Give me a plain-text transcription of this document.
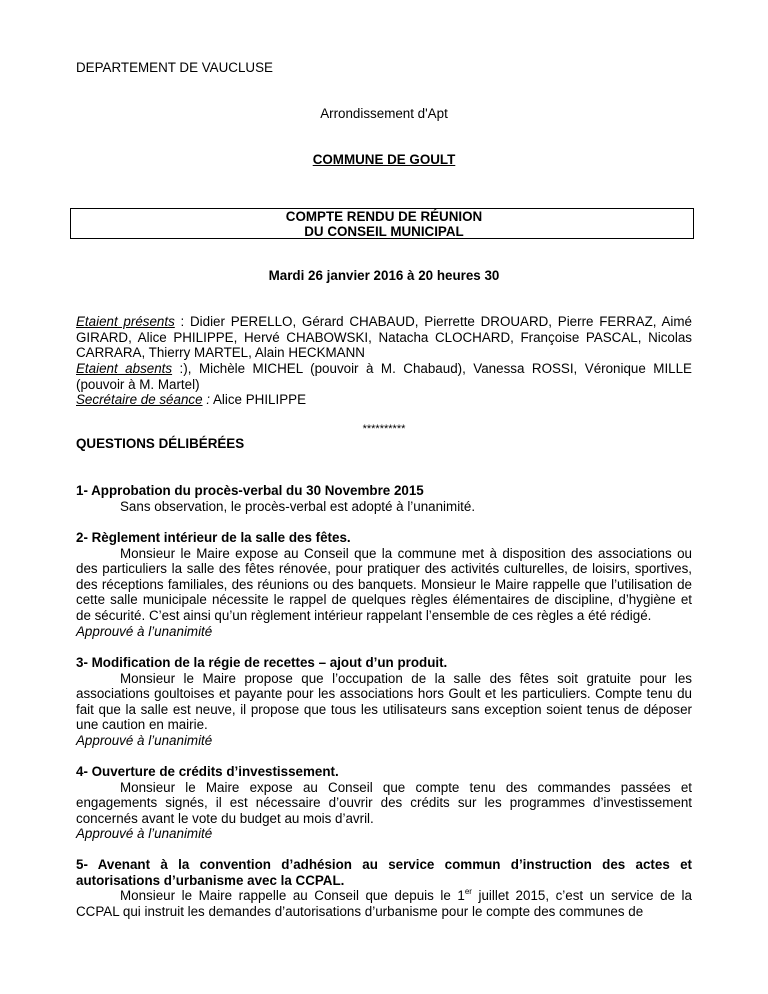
DEPARTEMENT DE VAUCLUSE
Arrondissement d'Apt
COMMUNE DE GOULT
COMPTE RENDU DE RÉUNION
DU CONSEIL MUNICIPAL
Mardi 26 janvier 2016 à 20 heures 30
Etaient présents : Didier PERELLO, Gérard CHABAUD, Pierrette DROUARD, Pierre FERRAZ, Aimé GIRARD, Alice PHILIPPE, Hervé CHABOWSKI, Natacha CLOCHARD, Françoise PASCAL, Nicolas CARRARA, Thierry MARTEL, Alain HECKMANN
Etaient absents :), Michèle MICHEL (pouvoir à M. Chabaud), Vanessa ROSSI, Véronique MILLE (pouvoir à M. Martel)
Secrétaire de séance : Alice PHILIPPE
**********
QUESTIONS DÉLIBÉRÉES
1- Approbation du procès-verbal du 30 Novembre 2015
Sans observation, le procès-verbal est adopté à l’unanimité.
2- Règlement intérieur de la salle des fêtes.
Monsieur le Maire expose au Conseil que la commune met à disposition des associations ou des particuliers la salle des fêtes rénovée, pour pratiquer des activités culturelles, de loisirs, sportives, des réceptions familiales, des réunions ou des banquets. Monsieur le Maire rappelle que l’utilisation de cette salle municipale nécessite le rappel de quelques règles élémentaires de discipline, d’hygiène et de sécurité. C’est ainsi qu’un règlement intérieur rappelant l’ensemble de ces règles a été rédigé.
Approuvé à l’unanimité
3- Modification de la régie de recettes – ajout d’un produit.
Monsieur le Maire propose que l’occupation de la salle des fêtes soit gratuite pour les associations goultoises et payante pour les associations hors Goult et les particuliers. Compte tenu du fait que la salle est neuve, il propose que tous les utilisateurs sans exception soient tenus de déposer une caution en mairie.
Approuvé à l’unanimité
4- Ouverture de crédits d’investissement.
Monsieur le Maire expose au Conseil que compte tenu des commandes passées et engagements signés, il est nécessaire d’ouvrir des crédits sur les programmes d’investissement concernés avant le vote du budget au mois d’avril.
Approuvé à l’unanimité
5- Avenant à la convention d’adhésion au service commun d’instruction des actes et autorisations d’urbanisme avec la CCPAL.
Monsieur le Maire rappelle au Conseil que depuis le 1er juillet 2015, c’est un service de la CCPAL qui instruit les demandes d’autorisations d’urbanisme pour le compte des communes de
